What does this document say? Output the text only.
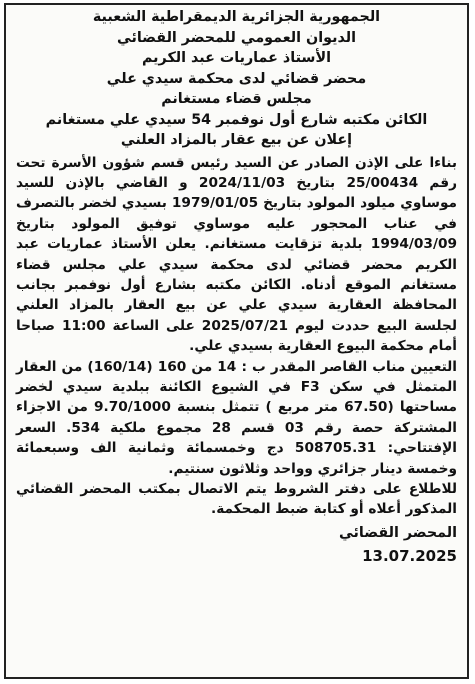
الجمهورية الجزائرية الديمقراطية الشعبية
الديوان العمومي للمحضر القضائي
الأستاذ عماريات عبد الكريم
محضر قضائي لدى محكمة سيدي علي
مجلس قضاء مستغانم
الكائن مكتبه شارع أول نوفمبر 54 سيدي علي مستغانم
إعلان عن بيع عقار بالمزاد العلني

بناءا على الإذن الصادر عن السيد رئيس قسم شؤون الأسرة تحت رقم 25/00434 بتاريخ 2024/11/03 و القاضي بالإذن للسيد موساوي ميلود المولود بتاريخ 1979/01/05 بسيدي لخضر بالتصرف في عناب المحجور عليه موساوي توفيق المولود بتاريخ 1994/03/09 بلدية تزقايت مستغانم. يعلن الأستاذ عماريات عبد الكريم محضر قضائي لدى محكمة سيدي علي مجلس قضاء مستغانم الموقع أدناه. الكائن مكتبه بشارع أول نوفمبر بجانب المحافظة العقارية سيدي علي عن بيع العقار بالمزاد العلني لجلسة البيع حددت ليوم 2025/07/21 على الساعة 11:00 صباحا أمام محكمة البيوع العقارية بسيدي علي.

التعيين مناب القاصر المقدر ب : 14 من 160 (160/14) من العقار المتمثل في سكن F3 في الشيوع الكائنة ببلدية سيدي لخضر مساحتها (67.50 متر مربع ) تتمثل بنسبة 9.70/1000 من الاجزاء المشتركة حصة رقم 03 قسم 28 مجموع ملكية 534. السعر الإفتتاحي: 508705.31 دج وخمسمائة وثمانية الف وسبعمائة وخمسة دينار جزائري وواحد وثلاثون سنتيم.

للاطلاع على دفتر الشروط يتم الاتصال بمكتب المحضر القضائي المذكور أعلاه أو كتابة ضبط المحكمة.

المحضر القضائي
13.07.2025
